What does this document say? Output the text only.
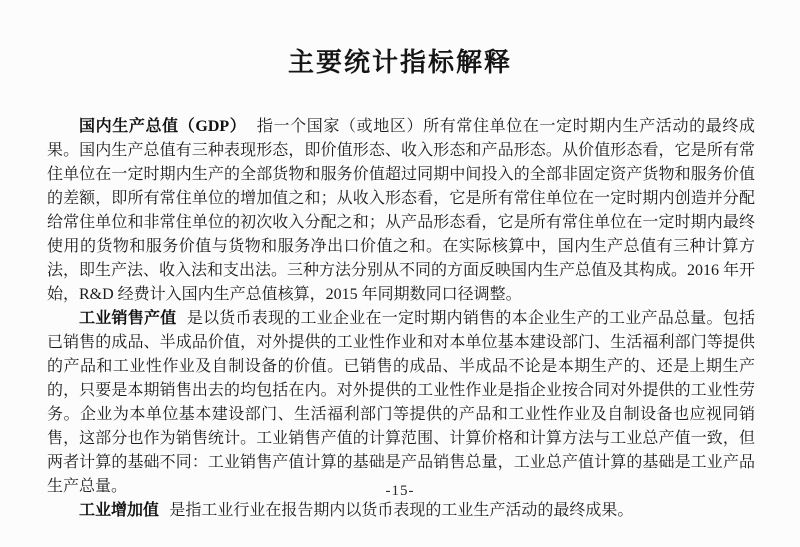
主要统计指标解释

国内生产总值（GDP） 指一个国家（或地区）所有常住单位在一定时期内生产活动的最终成果。国内生产总值有三种表现形态，即价值形态、收入形态和产品形态。从价值形态看，它是所有常住单位在一定时期内生产的全部货物和服务价值超过同期中间投入的全部非固定资产货物和服务价值的差额，即所有常住单位的增加值之和；从收入形态看，它是所有常住单位在一定时期内创造并分配给常住单位和非常住单位的初次收入分配之和；从产品形态看，它是所有常住单位在一定时期内最终使用的货物和服务价值与货物和服务净出口价值之和。在实际核算中，国内生产总值有三种计算方法，即生产法、收入法和支出法。三种方法分别从不同的方面反映国内生产总值及其构成。2016 年开始，R&D 经费计入国内生产总值核算，2015 年同期数同口径调整。

工业销售产值 是以货币表现的工业企业在一定时期内销售的本企业生产的工业产品总量。包括已销售的成品、半成品价值，对外提供的工业性作业和对本单位基本建设部门、生活福利部门等提供的产品和工业性作业及自制设备的价值。已销售的成品、半成品不论是本期生产的、还是上期生产的，只要是本期销售出去的均包括在内。对外提供的工业性作业是指企业按合同对外提供的工业性劳务。企业为本单位基本建设部门、生活福利部门等提供的产品和工业性作业及自制设备也应视同销售，这部分也作为销售统计。工业销售产值的计算范围、计算价格和计算方法与工业总产值一致，但两者计算的基础不同：工业销售产值计算的基础是产品销售总量，工业总产值计算的基础是工业产品生产总量。

工业增加值 是指工业行业在报告期内以货币表现的工业生产活动的最终成果。

-15-
